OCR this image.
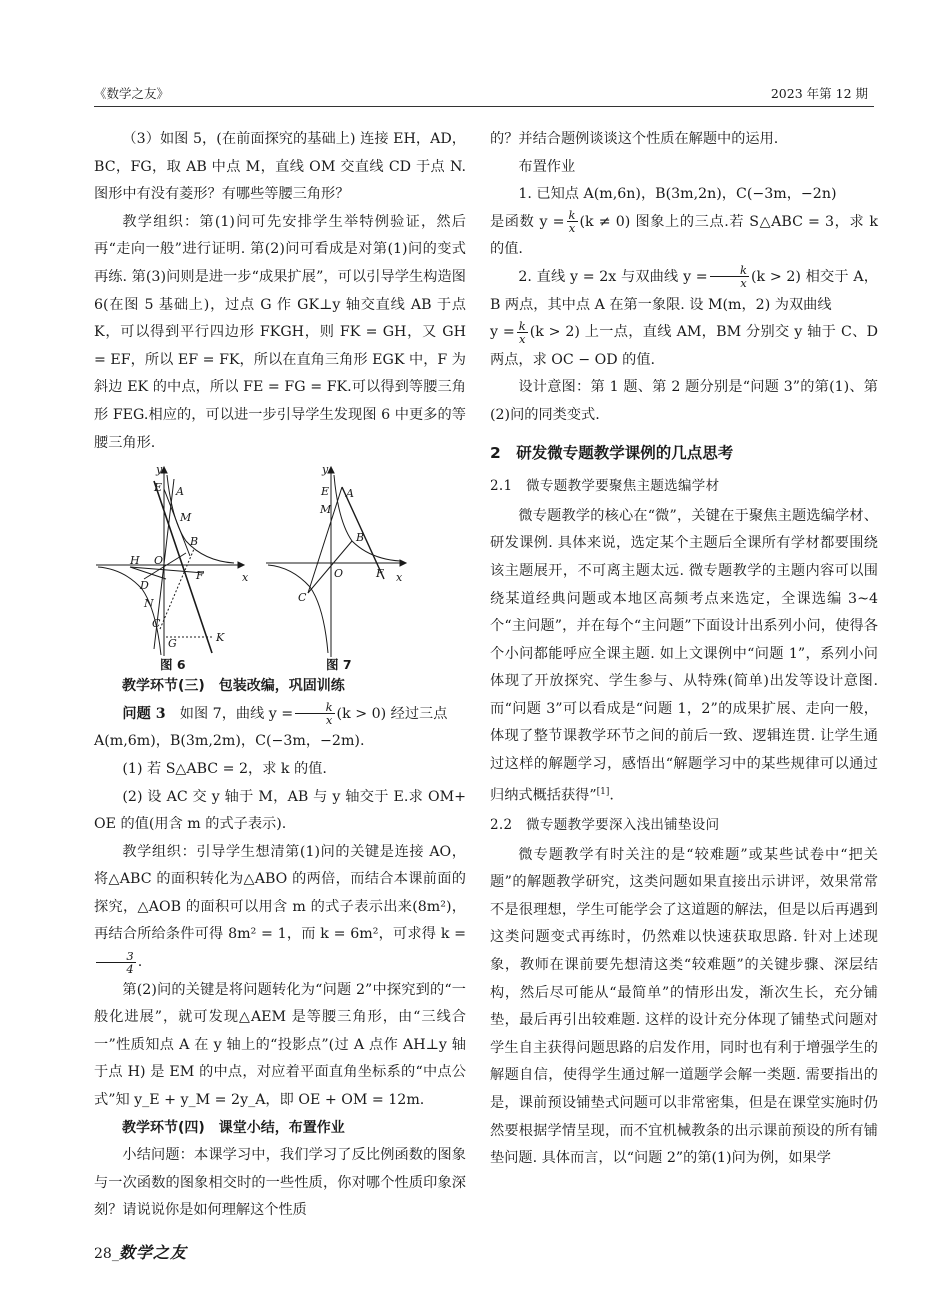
《数学之友》	2023 年第 12 期

（3）如图 5，(在前面探究的基础上) 连接 EH，AD，BC，FG，取 AB 中点 M，直线 OM 交直线 CD 于点 N.图形中有没有菱形？有哪些等腰三角形？

教学组织：第(1)问可先安排学生举特例验证，然后再“走向一般”进行证明. 第(2)问可看成是对第(1)问的变式再练. 第(3)问则是进一步“成果扩展”，可以引导学生构造图 6(在图 5 基础上)，过点 G 作 GK⊥y 轴交直线 AB 于点 K，可以得到平行四边形 FKGH，则 FK = GH，又 GH = EF，所以 EF = FK，所以在直角三角形 EGK 中，F 为斜边 EK 的中点，所以 FE = FG = FK.可以得到等腰三角形 FEG.相应的，可以进一步引导学生发现图 6 中更多的等腰三角形.

y
x
E A
M
B
H O
F
D
N
C
G	K
y
x
E A
M
B
O	F
C
图 6	图 7

教学环节(三)　包装改编，巩固训练

问题 3　 如图 7，曲线 $y = \frac{k}{x} (k > 0)$ 经过三点

A(m,6m)，B(3m,2m)，C(−3m，−2m).

(1) 若 S△ABC = 2，求 k 的值.

(2) 设 AC 交 y 轴于 M，AB 与 y 轴交于 E.求 OM+ OE 的值(用含 m 的式子表示).

教学组织：引导学生想清第(1)问的关键是连接 AO，将△ABC 的面积转化为△ABO 的两倍，而结合本课前面的探究，△AOB 的面积可以用含 m 的式子表示出来(8m²)，再结合所给条件可得 8m² = 1，而 k = 6m²，可求得 k =
$\frac{3}{4}$ .

第(2)问的关键是将问题转化为“问题 2”中探究到的“一般化进展”，就可发现△AEM 是等腰三角形，由“三线合一”性质知点 A 在 y 轴上的“投影点”(过 A 点作 AH⊥y 轴于点 H) 是 EM 的中点，对应着平面直角坐标系的“中点公式”知 y_E + y_M = 2y_A，即 OE + OM = 12m.

教学环节(四)　课堂小结，布置作业

小结问题：本课学习中，我们学习了反比例函数的图象与一次函数的图象相交时的一些性质，你对哪个性质印象深刻？请说说你是如何理解这个性质

的？并结合题例谈谈这个性质在解题中的运用.

布置作业

1. 已知点 A(m,6n)，B(3m,2n)，C(−3m，−2n)

是函数 $y = \frac{k}{x} (k \ne 0)$ 图象上的三点.若 S△ABC = 3，求 k 的值.

2. 直线 y = 2x 与双曲线 $y = \frac{k}{x} (k > 2)$ 相交于 A，B 两点，其中点 A 在第一象限. 设 M(m，2) 为双曲线

$y = \frac{k}{x} (k > 2)$ 上一点，直线 AM，BM 分别交 y 轴于 C、D 两点，求 OC − OD 的值.

设计意图：第 1 题、第 2 题分别是“问题 3”的第(1)、第(2)问的同类变式.

2　研发微专题教学课例的几点思考
2.1　微专题教学要聚焦主题选编学材

微专题教学的核心在“微”，关键在于聚焦主题选编学材、研发课例. 具体来说，选定某个主题后全课所有学材都要围绕该主题展开，不可离主题太远. 微专题教学的主题内容可以围绕某道经典问题或本地区高频考点来选定，全课选编 3~4 个“主问题”，并在每个“主问题”下面设计出系列小问，使得各个小问都能呼应全课主题. 如上文课例中“问题 1”，系列小问体现了开放探究、学生参与、从特殊(简单)出发等设计意图. 而“问题 3”可以看成是“问题 1，2”的成果扩展、走向一般，体现了整节课教学环节之间的前后一致、逻辑连贯. 让学生通过这样的解题学习，感悟出“解题学习中的某些规律可以通过归纳式概括获得”[1].

2.2　微专题教学要深入浅出铺垫设问

微专题教学有时关注的是“较难题”或某些试卷中“把关题”的解题教学研究，这类问题如果直接出示讲评，效果常常不是很理想，学生可能学会了这道题的解法，但是以后再遇到这类问题变式再练时，仍然难以快速获取思路. 针对上述现象，教师在课前要先想清这类“较难题”的关键步骤、深层结构，然后尽可能从“最简单”的情形出发，渐次生长，充分铺垫，最后再引出较难题. 这样的设计充分体现了铺垫式问题对学生自主获得问题思路的启发作用，同时也有利于增强学生的解题自信，使得学生通过解一道题学会解一类题. 需要指出的是，课前预设铺垫式问题可以非常密集，但是在课堂实施时仍然要根据学情呈现，而不宜机械教条的出示课前预设的所有铺垫问题. 具体而言，以“问题 2”的第(1)问为例，如果学

28_数学之友
